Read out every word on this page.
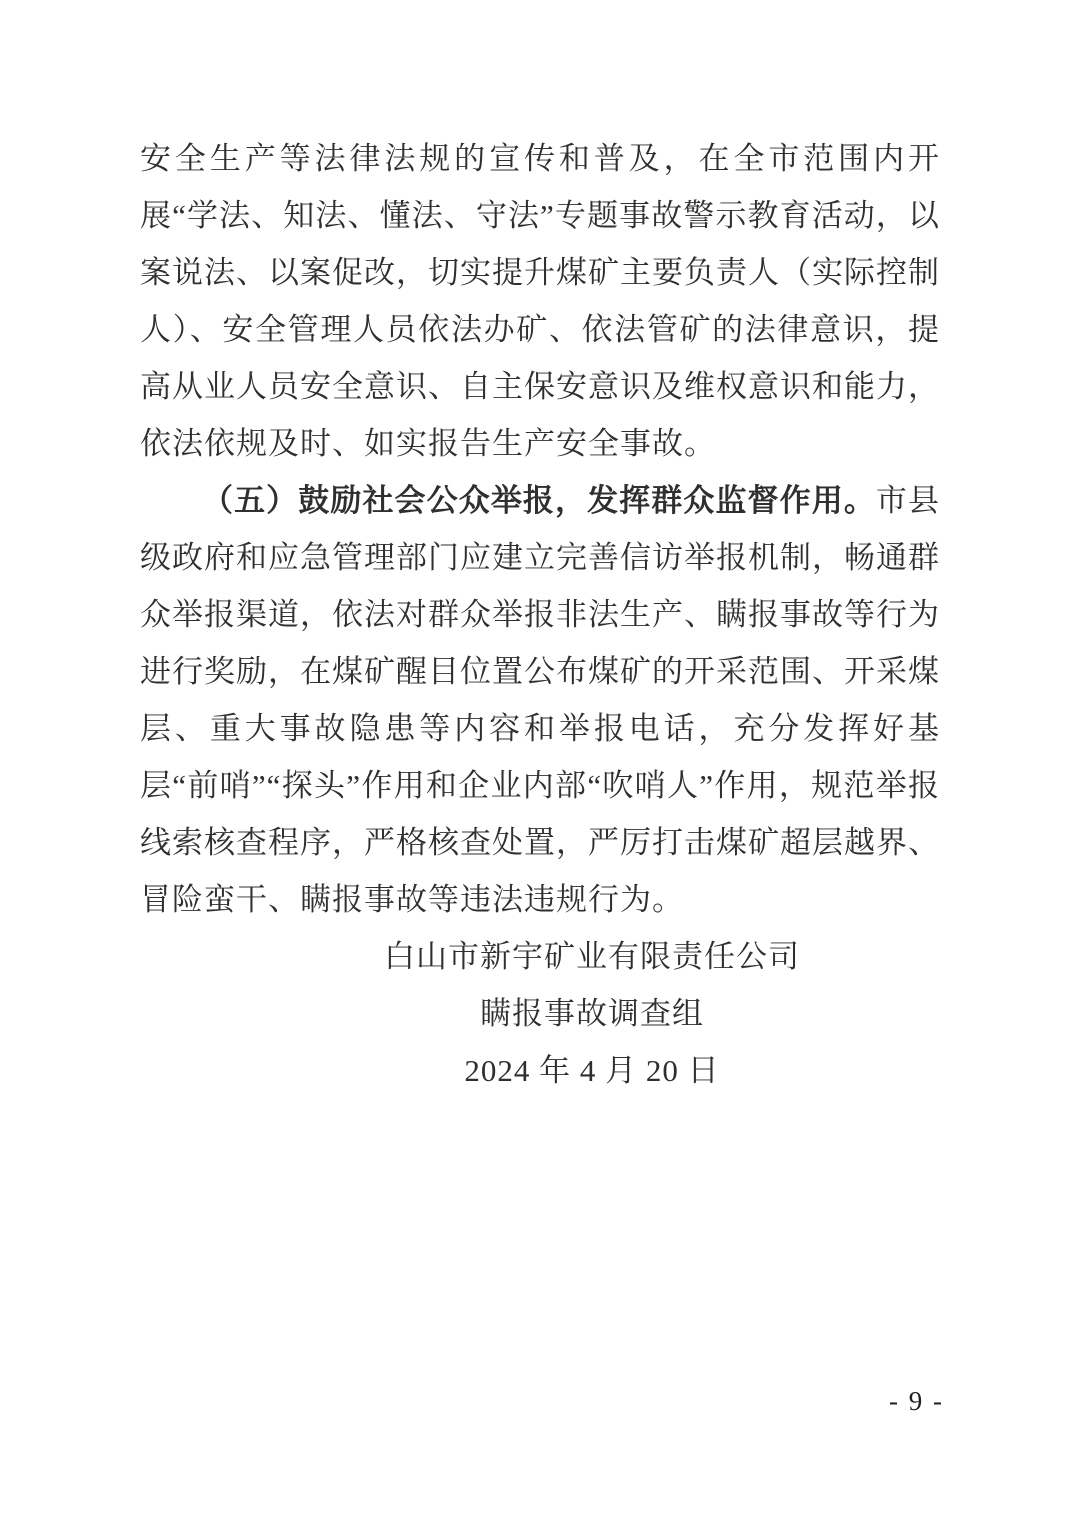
安全生产等法律法规的宣传和普及，在全市范围内开展“学法、知法、懂法、守法”专题事故警示教育活动，以案说法、以案促改，切实提升煤矿主要负责人（实际控制人）、安全管理人员依法办矿、依法管矿的法律意识，提高从业人员安全意识、自主保安意识及维权意识和能力，依法依规及时、如实报告生产安全事故。

（五）鼓励社会公众举报，发挥群众监督作用。市县级政府和应急管理部门应建立完善信访举报机制，畅通群众举报渠道，依法对群众举报非法生产、瞒报事故等行为进行奖励，在煤矿醒目位置公布煤矿的开采范围、开采煤层、重大事故隐患等内容和举报电话，充分发挥好基层“前哨”“探头”作用和企业内部“吹哨人”作用，规范举报线索核查程序，严格核查处置，严厉打击煤矿超层越界、冒险蛮干、瞒报事故等违法违规行为。

白山市新宇矿业有限责任公司
瞒报事故调查组
2024 年 4 月 20 日
- 9 -
